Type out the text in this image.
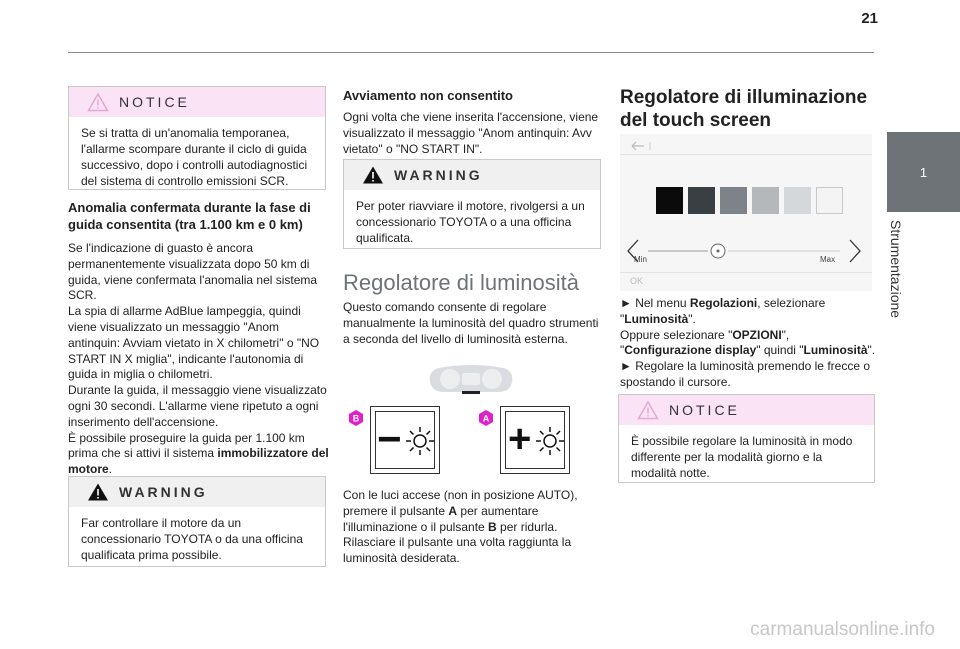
21
1
Strumentazione
NOTICE
Se si tratta di un'anomalia temporanea, l'allarme scompare durante il ciclo di guida successivo, dopo i controlli autodiagnostici del sistema di controllo emissioni SCR.
Anomalia confermata durante la fase di guida consentita (tra 1.100 km e 0 km)

Se l'indicazione di guasto è ancora permanentemente visualizzata dopo 50 km di guida, viene confermata l'anomalia nel sistema SCR.

La spia di allarme AdBlue lampeggia, quindi viene visualizzato un messaggio "Anom antinquin: Avviam vietato in X chilometri" o "NO START IN X miglia", indicante l'autonomia di guida in miglia o chilometri.

Durante la guida, il messaggio viene visualizzato ogni 30 secondi. L'allarme viene ripetuto a ogni inserimento dell'accensione.

È possibile proseguire la guida per 1.100 km prima che si attivi il sistema immobilizzatore del motore.

WARNING
Far controllare il motore da un concessionario TOYOTA o da una officina qualificata prima possibile.
Avviamento non consentito
Ogni volta che viene inserita l'accensione, viene visualizzato il messaggio "Anom antinquin: Avv vietato" o "NO START IN".
WARNING
Per poter riavviare il motore, rivolgersi a un concessionario TOYOTA o a una officina qualificata.
Regolatore di luminosità
Questo comando consente di regolare manualmente la luminosità del quadro strumenti a seconda del livello di luminosità esterna.
B	A
−	+

Con le luci accese (non in posizione AUTO), premere il pulsante A per aumentare l'illuminazione o il pulsante B per ridurla.

Rilasciare il pulsante una volta raggiunta la luminosità desiderata.

Regolatore di illuminazione del touch screen
Min	Max
OK

► Nel menu Regolazioni, selezionare "Luminosità".

Oppure selezionare "OPZIONI", "Configurazione display" quindi "Luminosità".

► Regolare la luminosità premendo le frecce o spostando il cursore.

NOTICE
È possibile regolare la luminosità in modo differente per la modalità giorno e la modalità notte.
carmanualsonline.info
